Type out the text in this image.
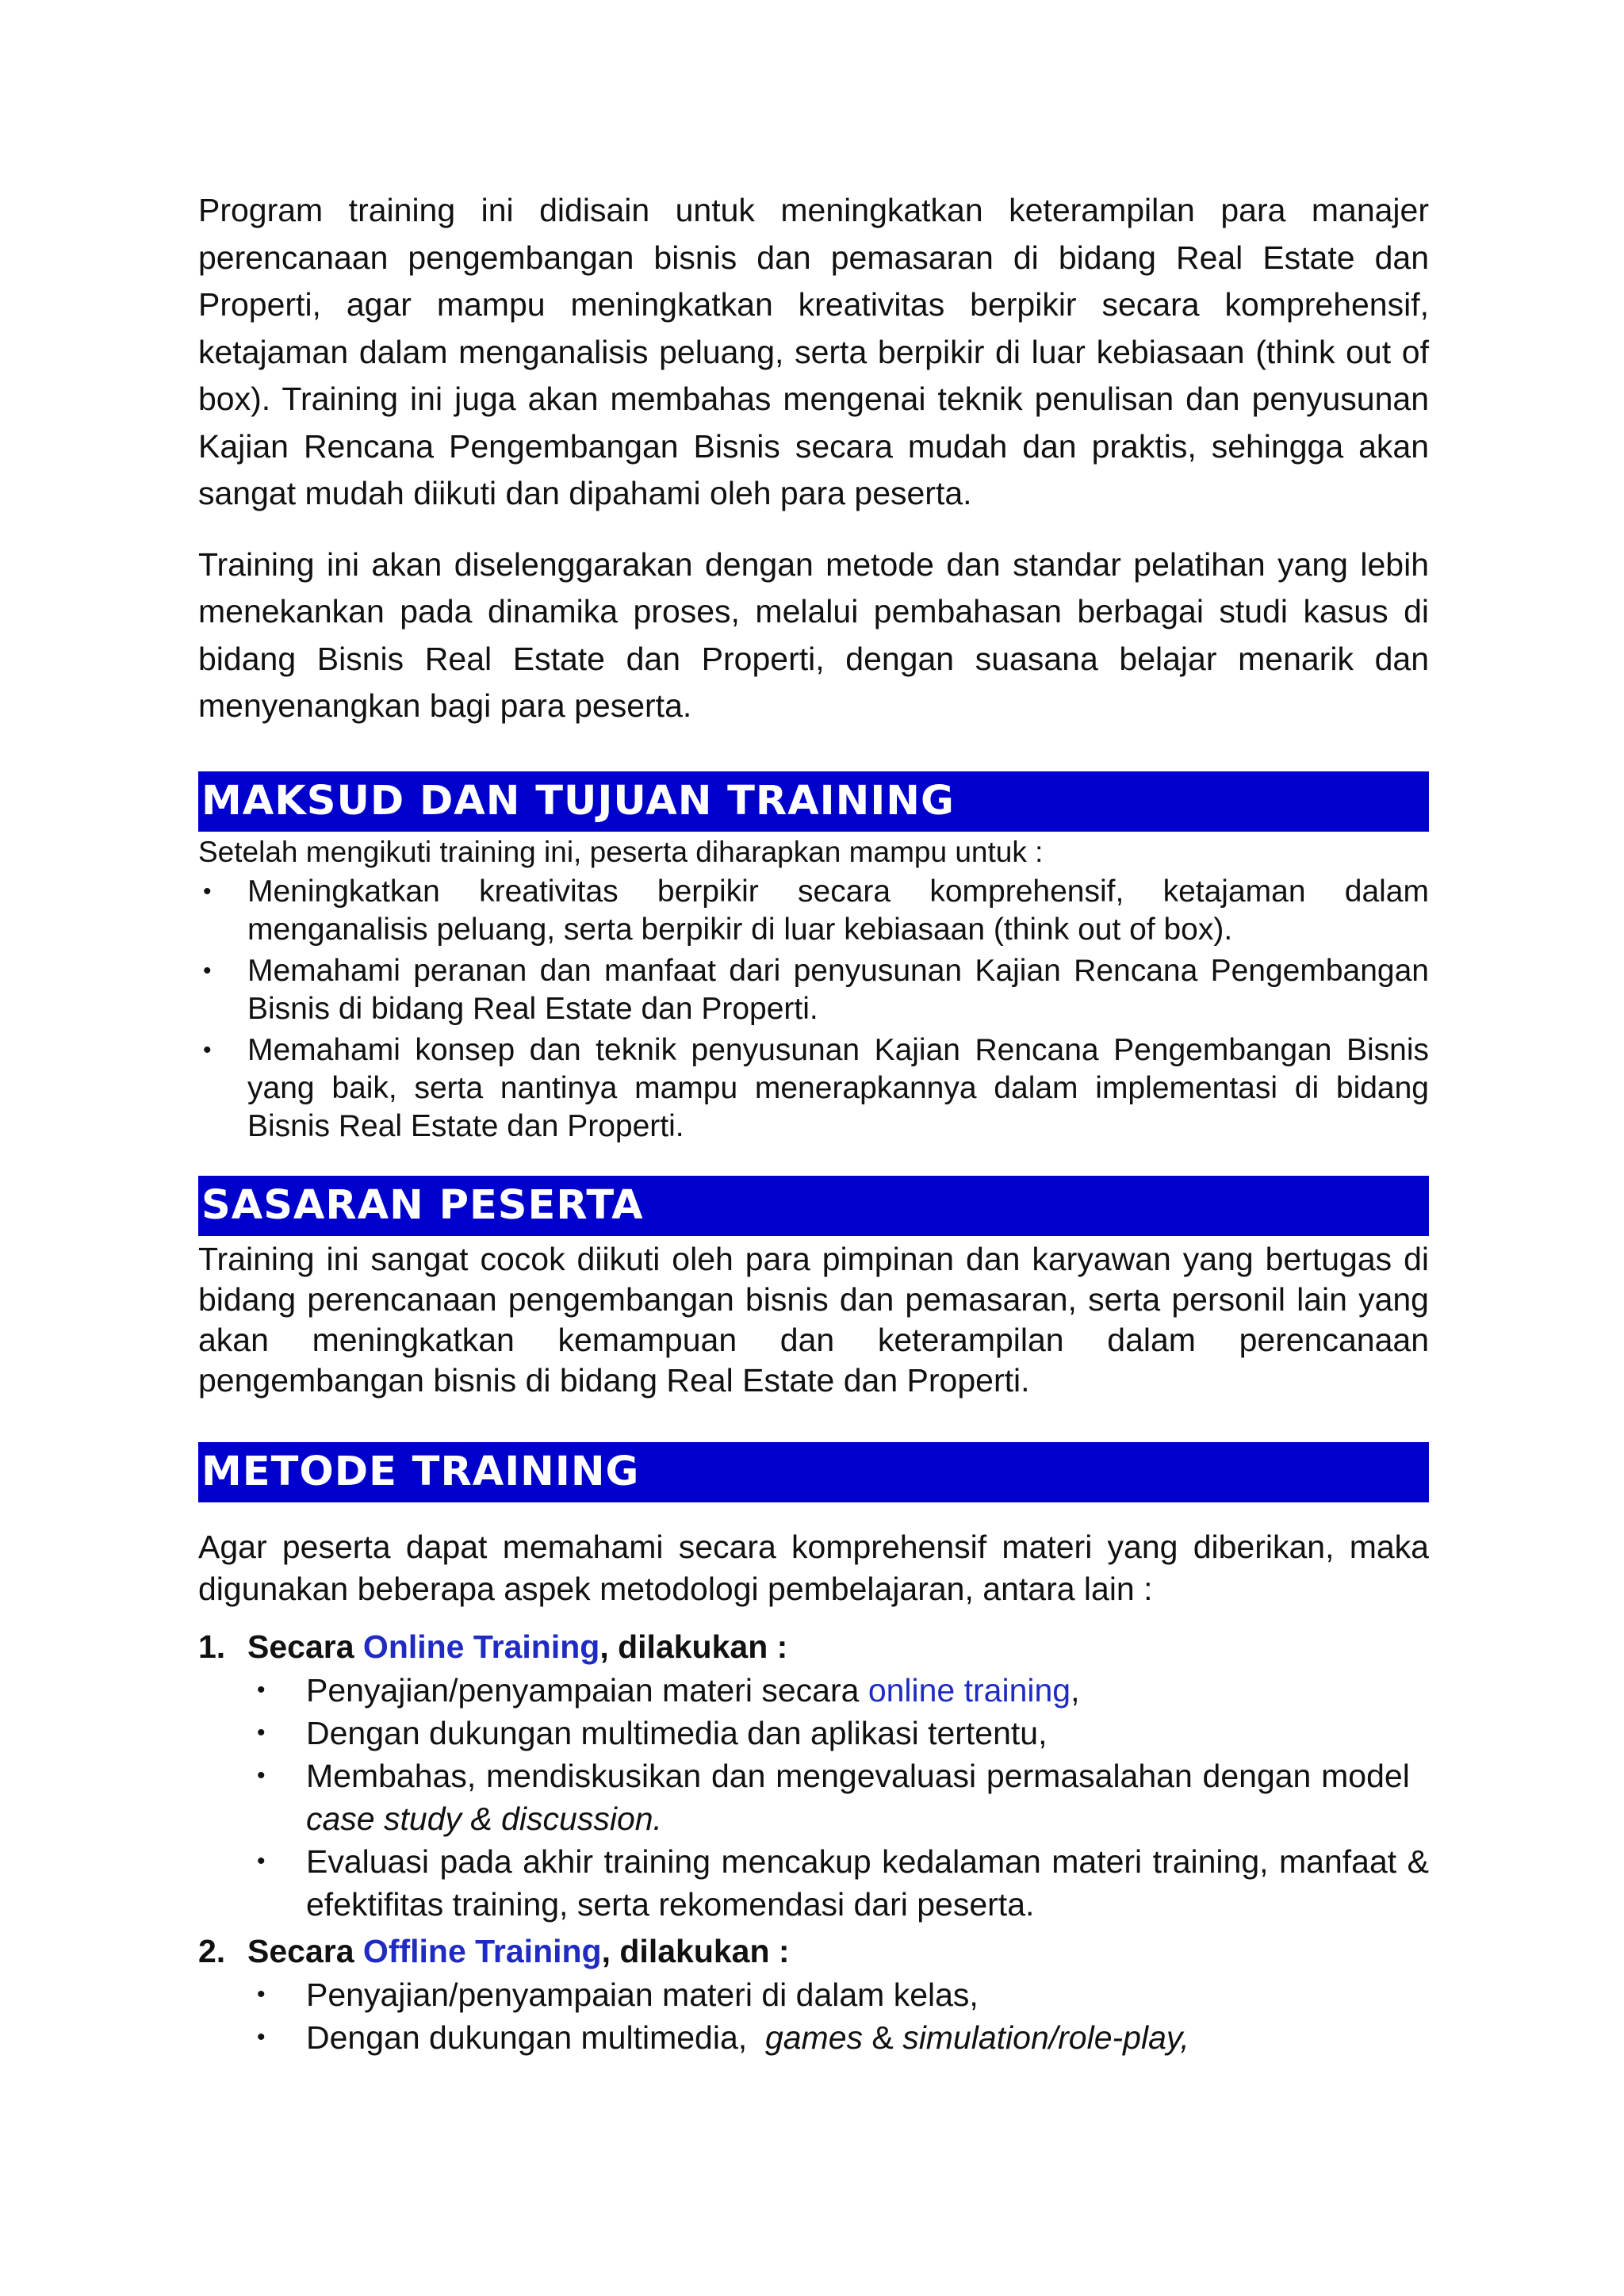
Program training ini didisain untuk meningkatkan keterampilan para manajer perencanaan pengembangan bisnis dan pemasaran di bidang Real Estate dan Properti, agar mampu meningkatkan kreativitas berpikir secara komprehensif, ketajaman dalam menganalisis peluang, serta berpikir di luar kebiasaan (think out of box). Training ini juga akan membahas mengenai teknik penulisan dan penyusunan Kajian Rencana Pengembangan Bisnis secara mudah dan praktis, sehingga akan sangat mudah diikuti dan dipahami oleh para peserta.

Training ini akan diselenggarakan dengan metode dan standar pelatihan yang lebih menekankan pada dinamika proses, melalui pembahasan berbagai studi kasus di bidang Bisnis Real Estate dan Properti, dengan suasana belajar menarik dan menyenangkan bagi para peserta.

MAKSUD DAN TUJUAN TRAINING

Setelah mengikuti training ini, peserta diharapkan mampu untuk :

• Meningkatkan kreativitas berpikir secara komprehensif, ketajaman dalam menganalisis peluang, serta berpikir di luar kebiasaan (think out of box).
• Memahami peranan dan manfaat dari penyusunan Kajian Rencana Pengembangan Bisnis di bidang Real Estate dan Properti.
• Memahami konsep dan teknik penyusunan Kajian Rencana Pengembangan Bisnis yang baik, serta nantinya mampu menerapkannya dalam implementasi di bidang Bisnis Real Estate dan Properti.
SASARAN PESERTA

Training ini sangat cocok diikuti oleh para pimpinan dan karyawan yang bertugas di bidang perencanaan pengembangan bisnis dan pemasaran, serta personil lain yang akan meningkatkan kemampuan dan keterampilan dalam perencanaan pengembangan bisnis di bidang Real Estate dan Properti.

METODE TRAINING

Agar peserta dapat memahami secara komprehensif materi yang diberikan, maka digunakan beberapa aspek metodologi pembelajaran, antara lain :

1. Secara Online Training, dilakukan :
• Penyajian/penyampaian materi secara online training,
• Dengan dukungan multimedia dan aplikasi tertentu,
• Membahas, mendiskusikan dan mengevaluasi permasalahan dengan model   case study & discussion.
• Evaluasi pada akhir training mencakup kedalaman materi training, manfaat & efektifitas training, serta rekomendasi dari peserta.
2. Secara Offline Training, dilakukan :
• Penyajian/penyampaian materi di dalam kelas,
• Dengan dukungan multimedia, games & simulation/role-play,
